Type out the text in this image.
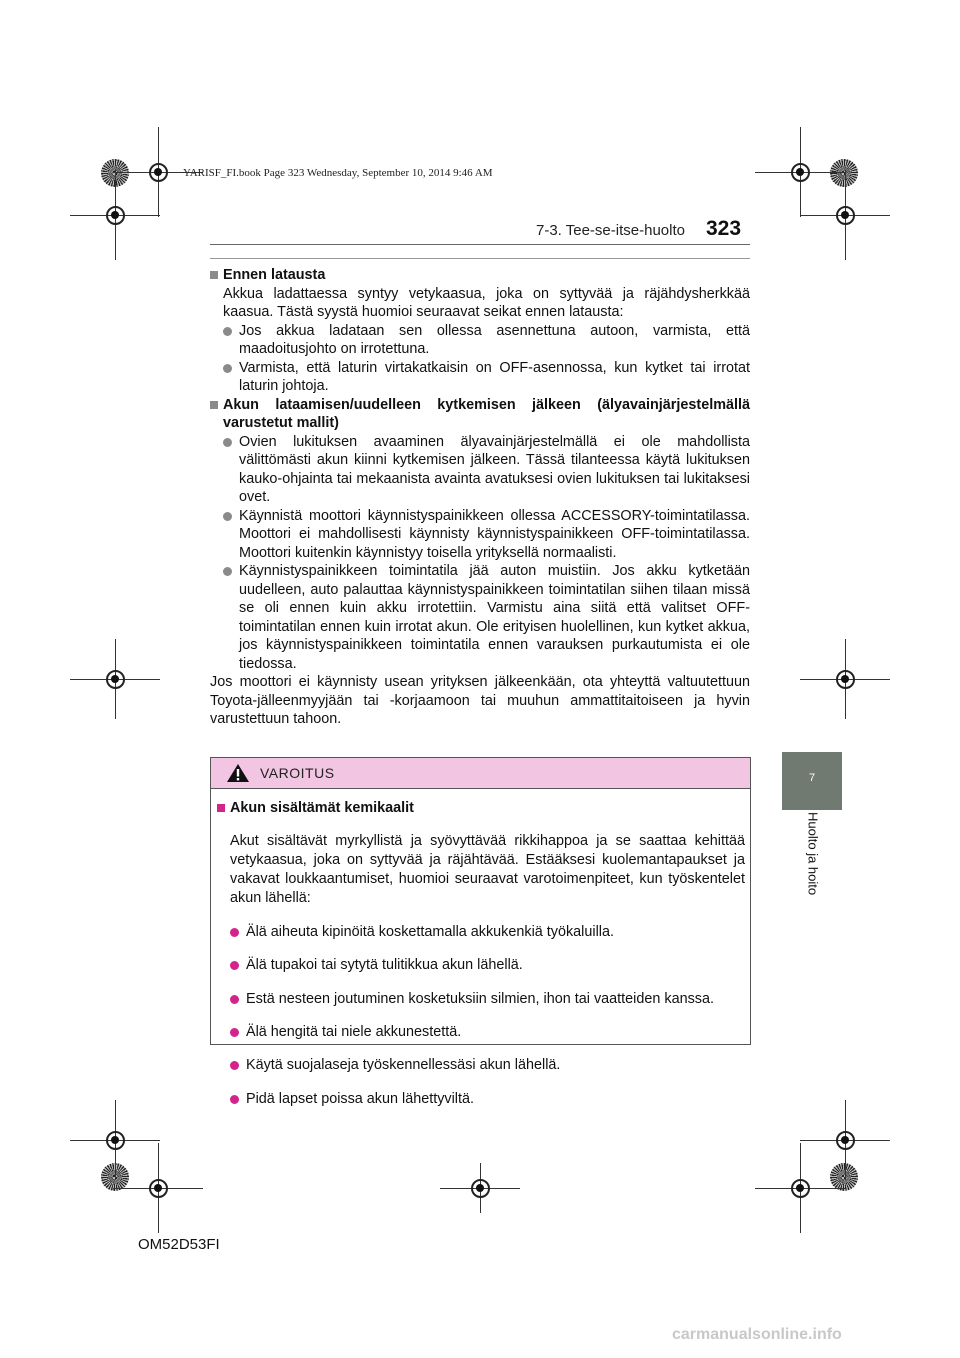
YARISF_FI.book Page 323 Wednesday, September 10, 2014 9:46 AM
7-3. Tee-se-itse-huolto 323
7
Huolto ja hoito

Ennen latausta

Akkua ladattaessa syntyy vetykaasua, joka on syttyvää ja räjähdysherkkää kaasua. Tästä syystä huomioi seuraavat seikat ennen latausta:

Jos akkua ladataan sen ollessa asennettuna autoon, varmista, että maadoitusjohto on irrotettuna.

Varmista, että laturin virtakatkaisin on OFF-asennossa, kun kytket tai irrotat laturin johtoja.

Akun lataamisen/uudelleen kytkemisen jälkeen (älyavainjärjestelmällä varustetut mallit)

Ovien lukituksen avaaminen älyavainjärjestelmällä ei ole mahdollista välittömästi akun kiinni kytkemisen jälkeen. Tässä tilanteessa käytä lukituksen kauko-ohjainta tai mekaanista avainta avatuksesi ovien lukituksen tai lukitaksesi ovet.

Käynnistä moottori käynnistyspainikkeen ollessa ACCESSORY-toimintatilassa. Moottori ei mahdollisesti käynnisty käynnistyspainikkeen OFF-toimintatilassa. Moottori kuitenkin käynnistyy toisella yrityksellä normaalisti.

Käynnistyspainikkeen toimintatila jää auton muistiin. Jos akku kytketään uudelleen, auto palauttaa käynnistyspainikkeen toimintatilan siihen tilaan missä se oli ennen kuin akku irrotettiin. Varmistu aina siitä että valitset OFF-toimintatilan ennen kuin irrotat akun. Ole erityisen huolellinen, kun kytket akkua, jos käynnistyspainikkeen toimintatila ennen varauksen purkautumista ei ole tiedossa.

Jos moottori ei käynnisty usean yrityksen jälkeenkään, ota yhteyttä valtuutettuun Toyota-jälleenmyyjään tai -korjaamoon tai muuhun ammattitaitoiseen ja hyvin varustettuun tahoon.

VAROITUS

Akun sisältämät kemikaalit

Akut sisältävät myrkyllistä ja syövyttävää rikkihappoa ja se saattaa kehittää vetykaasua, joka on syttyvää ja räjähtävää. Estääksesi kuolemantapaukset ja vakavat loukkaantumiset, huomioi seuraavat varotoimenpiteet, kun työskentelet akun lähellä:

Älä aiheuta kipinöitä koskettamalla akkukenkiä työkaluilla.

Älä tupakoi tai sytytä tulitikkua akun lähellä.

Estä nesteen joutuminen kosketuksiin silmien, ihon tai vaatteiden kanssa.

Älä hengitä tai niele akkunestettä.

Käytä suojalaseja työskennellessäsi akun lähellä.

Pidä lapset poissa akun lähettyviltä.

OM52D53FI
carmanualsonline.info
